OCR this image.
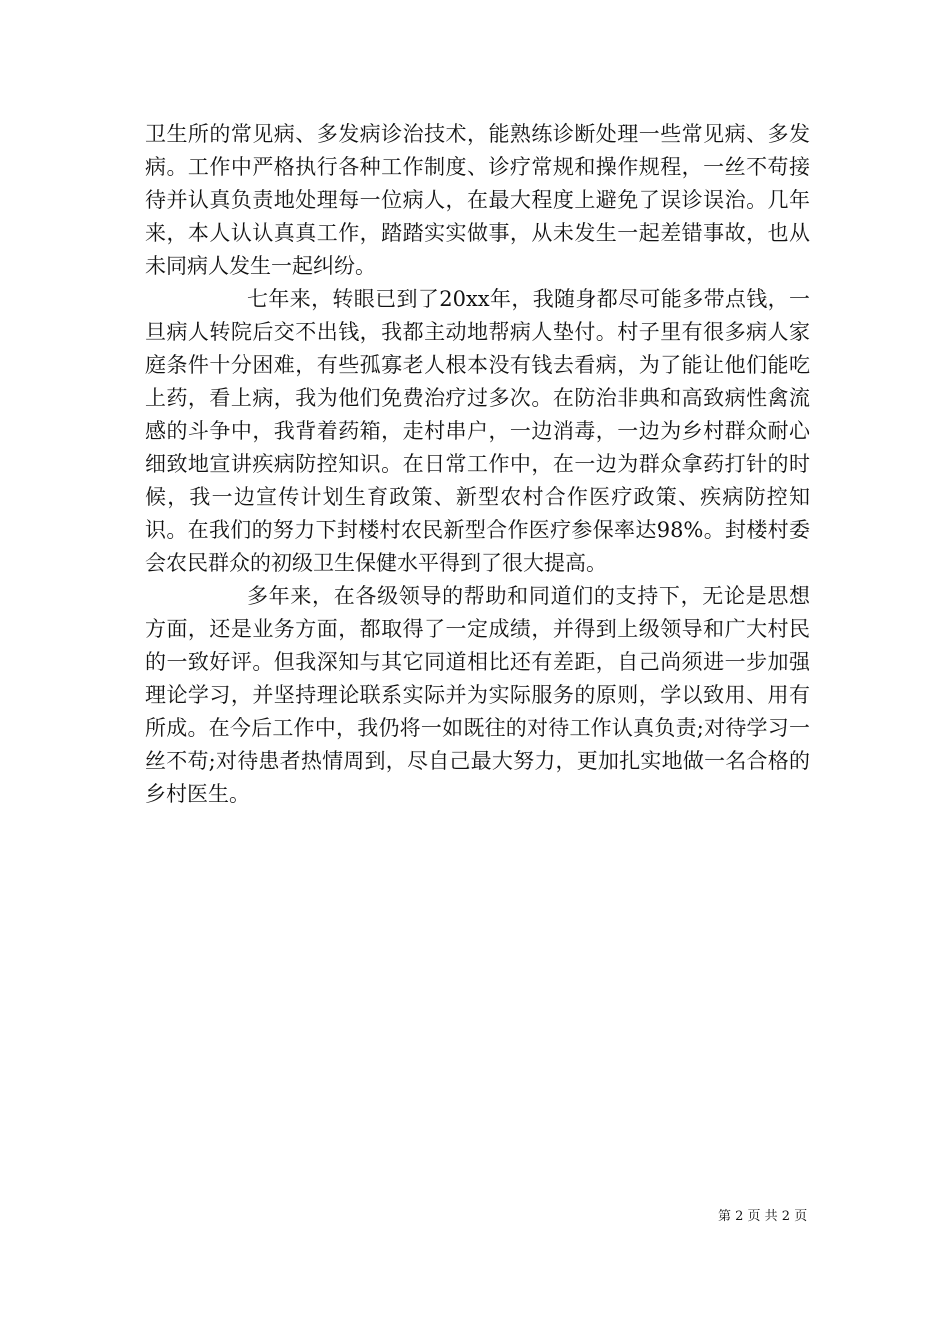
卫生所的常见病、多发病诊治技术，能熟练诊断处理一些常见病、多发病。工作中严格执行各种工作制度、诊疗常规和操作规程，一丝不苟接待并认真负责地处理每一位病人，在最大程度上避免了误诊误治。几年来，本人认认真真工作，踏踏实实做事，从未发生一起差错事故，也从未同病人发生一起纠纷。

七年来，转眼已到了20xx年，我随身都尽可能多带点钱，一旦病人转院后交不出钱，我都主动地帮病人垫付。村子里有很多病人家庭条件十分困难，有些孤寡老人根本没有钱去看病，为了能让他们能吃上药，看上病，我为他们免费治疗过多次。在防治非典和高致病性禽流感的斗争中，我背着药箱，走村串户，一边消毒，一边为乡村群众耐心细致地宣讲疾病防控知识。在日常工作中，在一边为群众拿药打针的时候，我一边宣传计划生育政策、新型农村合作医疗政策、疾病防控知识。在我们的努力下封楼村农民新型合作医疗参保率达98%。封楼村委会农民群众的初级卫生保健水平得到了很大提高。

多年来，在各级领导的帮助和同道们的支持下，无论是思想方面，还是业务方面，都取得了一定成绩，并得到上级领导和广大村民的一致好评。但我深知与其它同道相比还有差距，自己尚须进一步加强理论学习，并坚持理论联系实际并为实际服务的原则，学以致用、用有所成。在今后工作中，我仍将一如既往的对待工作认真负责;对待学习一丝不苟;对待患者热情周到，尽自己最大努力，更加扎实地做一名合格的乡村医生。

第 2 页 共 2 页
